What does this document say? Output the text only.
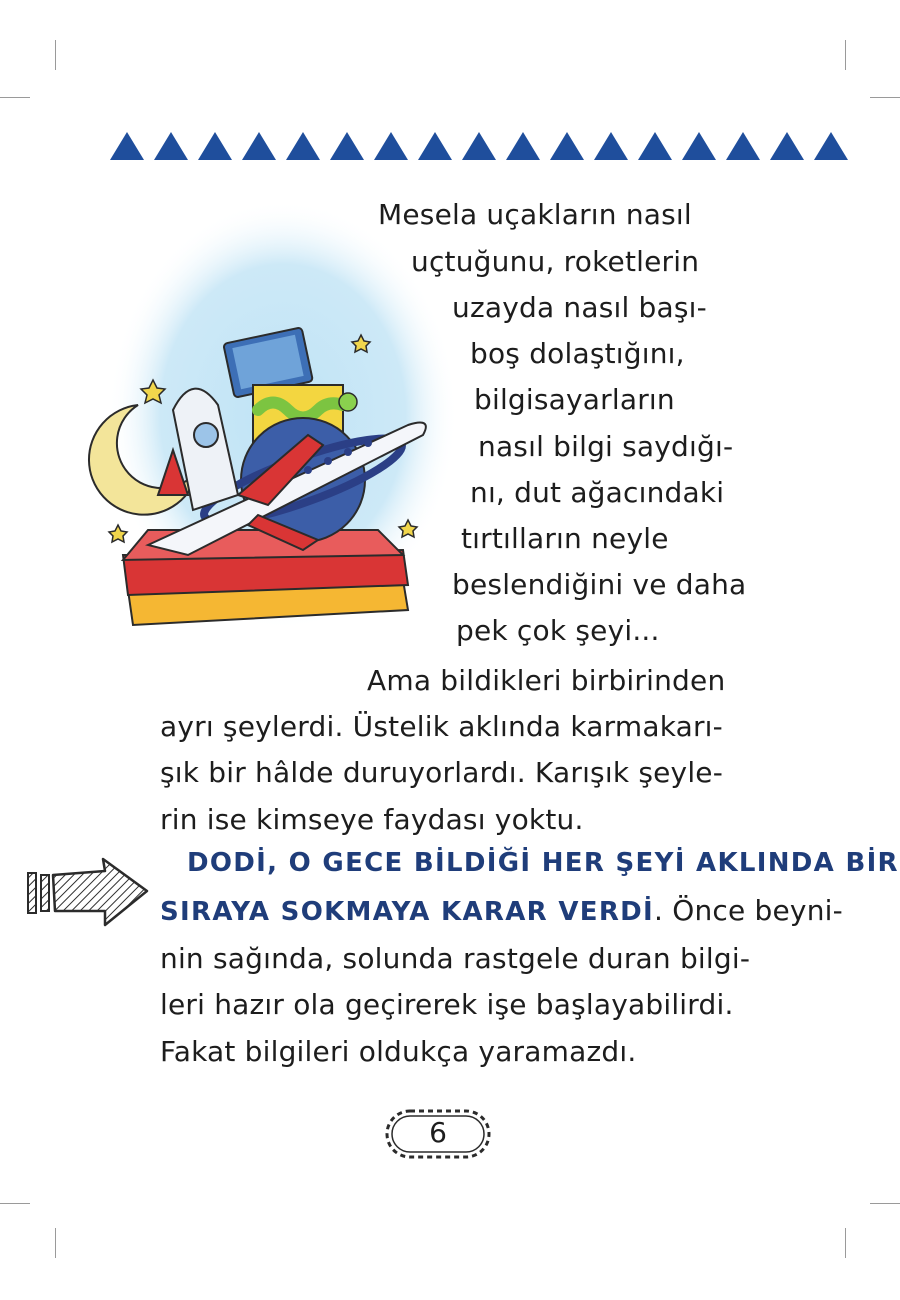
Mesela uçakların nasıl
uçtuğunu, roketlerin
uzayda nasıl başı-
boş dolaştığını,
bilgisayarların
nasıl bilgi saydığı-
nı, dut ağacındaki
tırtılların neyle
beslendiğini ve daha
pek çok şeyi...
Ama bildikleri birbirinden
ayrı şeylerdi. Üstelik aklında karmakarı-
şık bir hâlde duruyorlardı. Karışık şeyle-
rin ise kimseye faydası yoktu.
DODİ, O GECE BİLDİĞİ HER ŞEYİ AKLINDA BİR
SIRAYA SOKMAYA KARAR VERDİ. Önce beyni-
nin sağında, solunda rastgele duran bilgi-
leri hazır ola geçirerek işe başlayabilirdi.
Fakat bilgileri oldukça yaramazdı.
6
